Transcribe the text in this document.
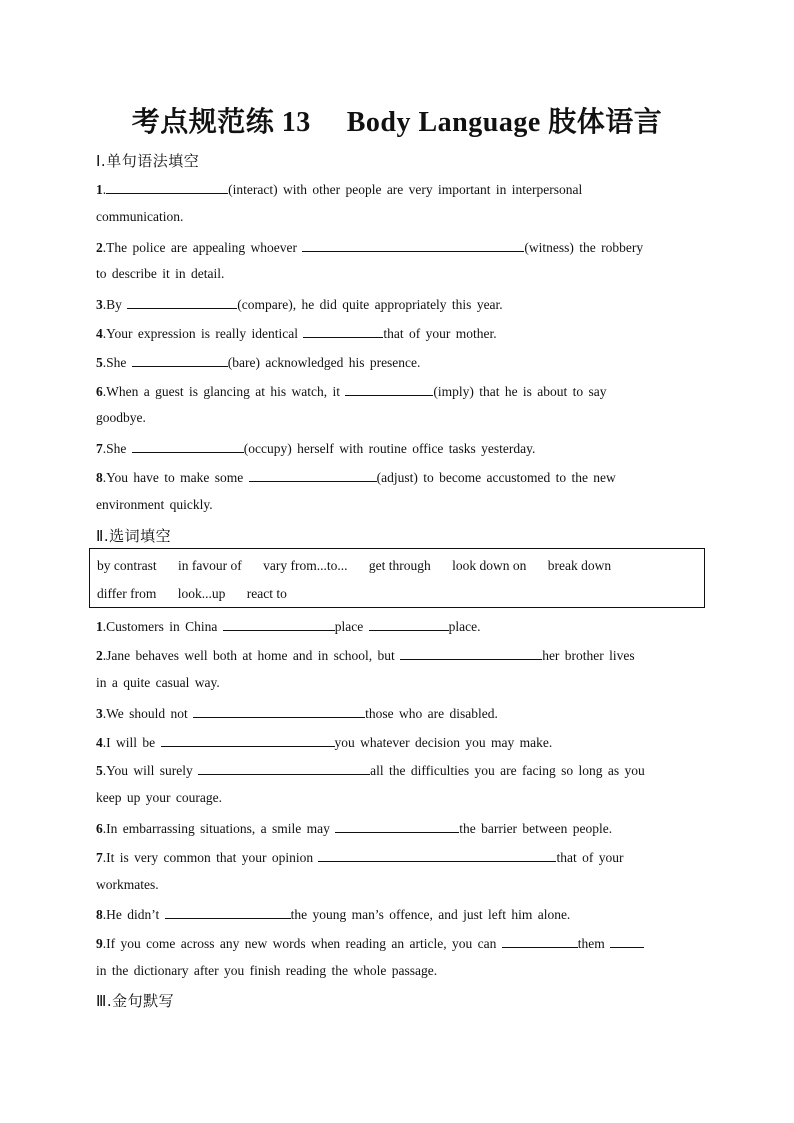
考点规范练 13　 Body Language 肢体语言
Ⅰ.单句语法填空
1.	(interact) with other people are very important in interpersonal
communication.
2.The police are appealing whoever	(witness) the robbery
to describe it in detail.
3.By	(compare), he did quite appropriately this year.
4.Your expression is really identical	that of your mother.
5.She	(bare) acknowledged his presence.
6.When a guest is glancing at his watch, it	(imply) that he is about to say
goodbye.
7.She	(occupy) herself with routine office tasks yesterday.
8.You have to make some	(adjust) to become accustomed to the new
environment quickly.
Ⅱ.选词填空
by contrast in favour of vary from...to... get through look down on break down
differ from look...up react to
1.Customers in China	place	place.
2.Jane behaves well both at home and in school, but	her brother lives
in a quite casual way.
3.We should not	those who are disabled.
4.I will be	you whatever decision you may make.
5.You will surely	all the difficulties you are facing so long as you
keep up your courage.
6.In embarrassing situations, a smile may	the barrier between people.
7.It is very common that your opinion	that of your
workmates.
8.He didn’t	the young man’s offence, and just left him alone.
9.If you come across any new words when reading an article, you can	them
in the dictionary after you finish reading the whole passage.
Ⅲ.金句默写
